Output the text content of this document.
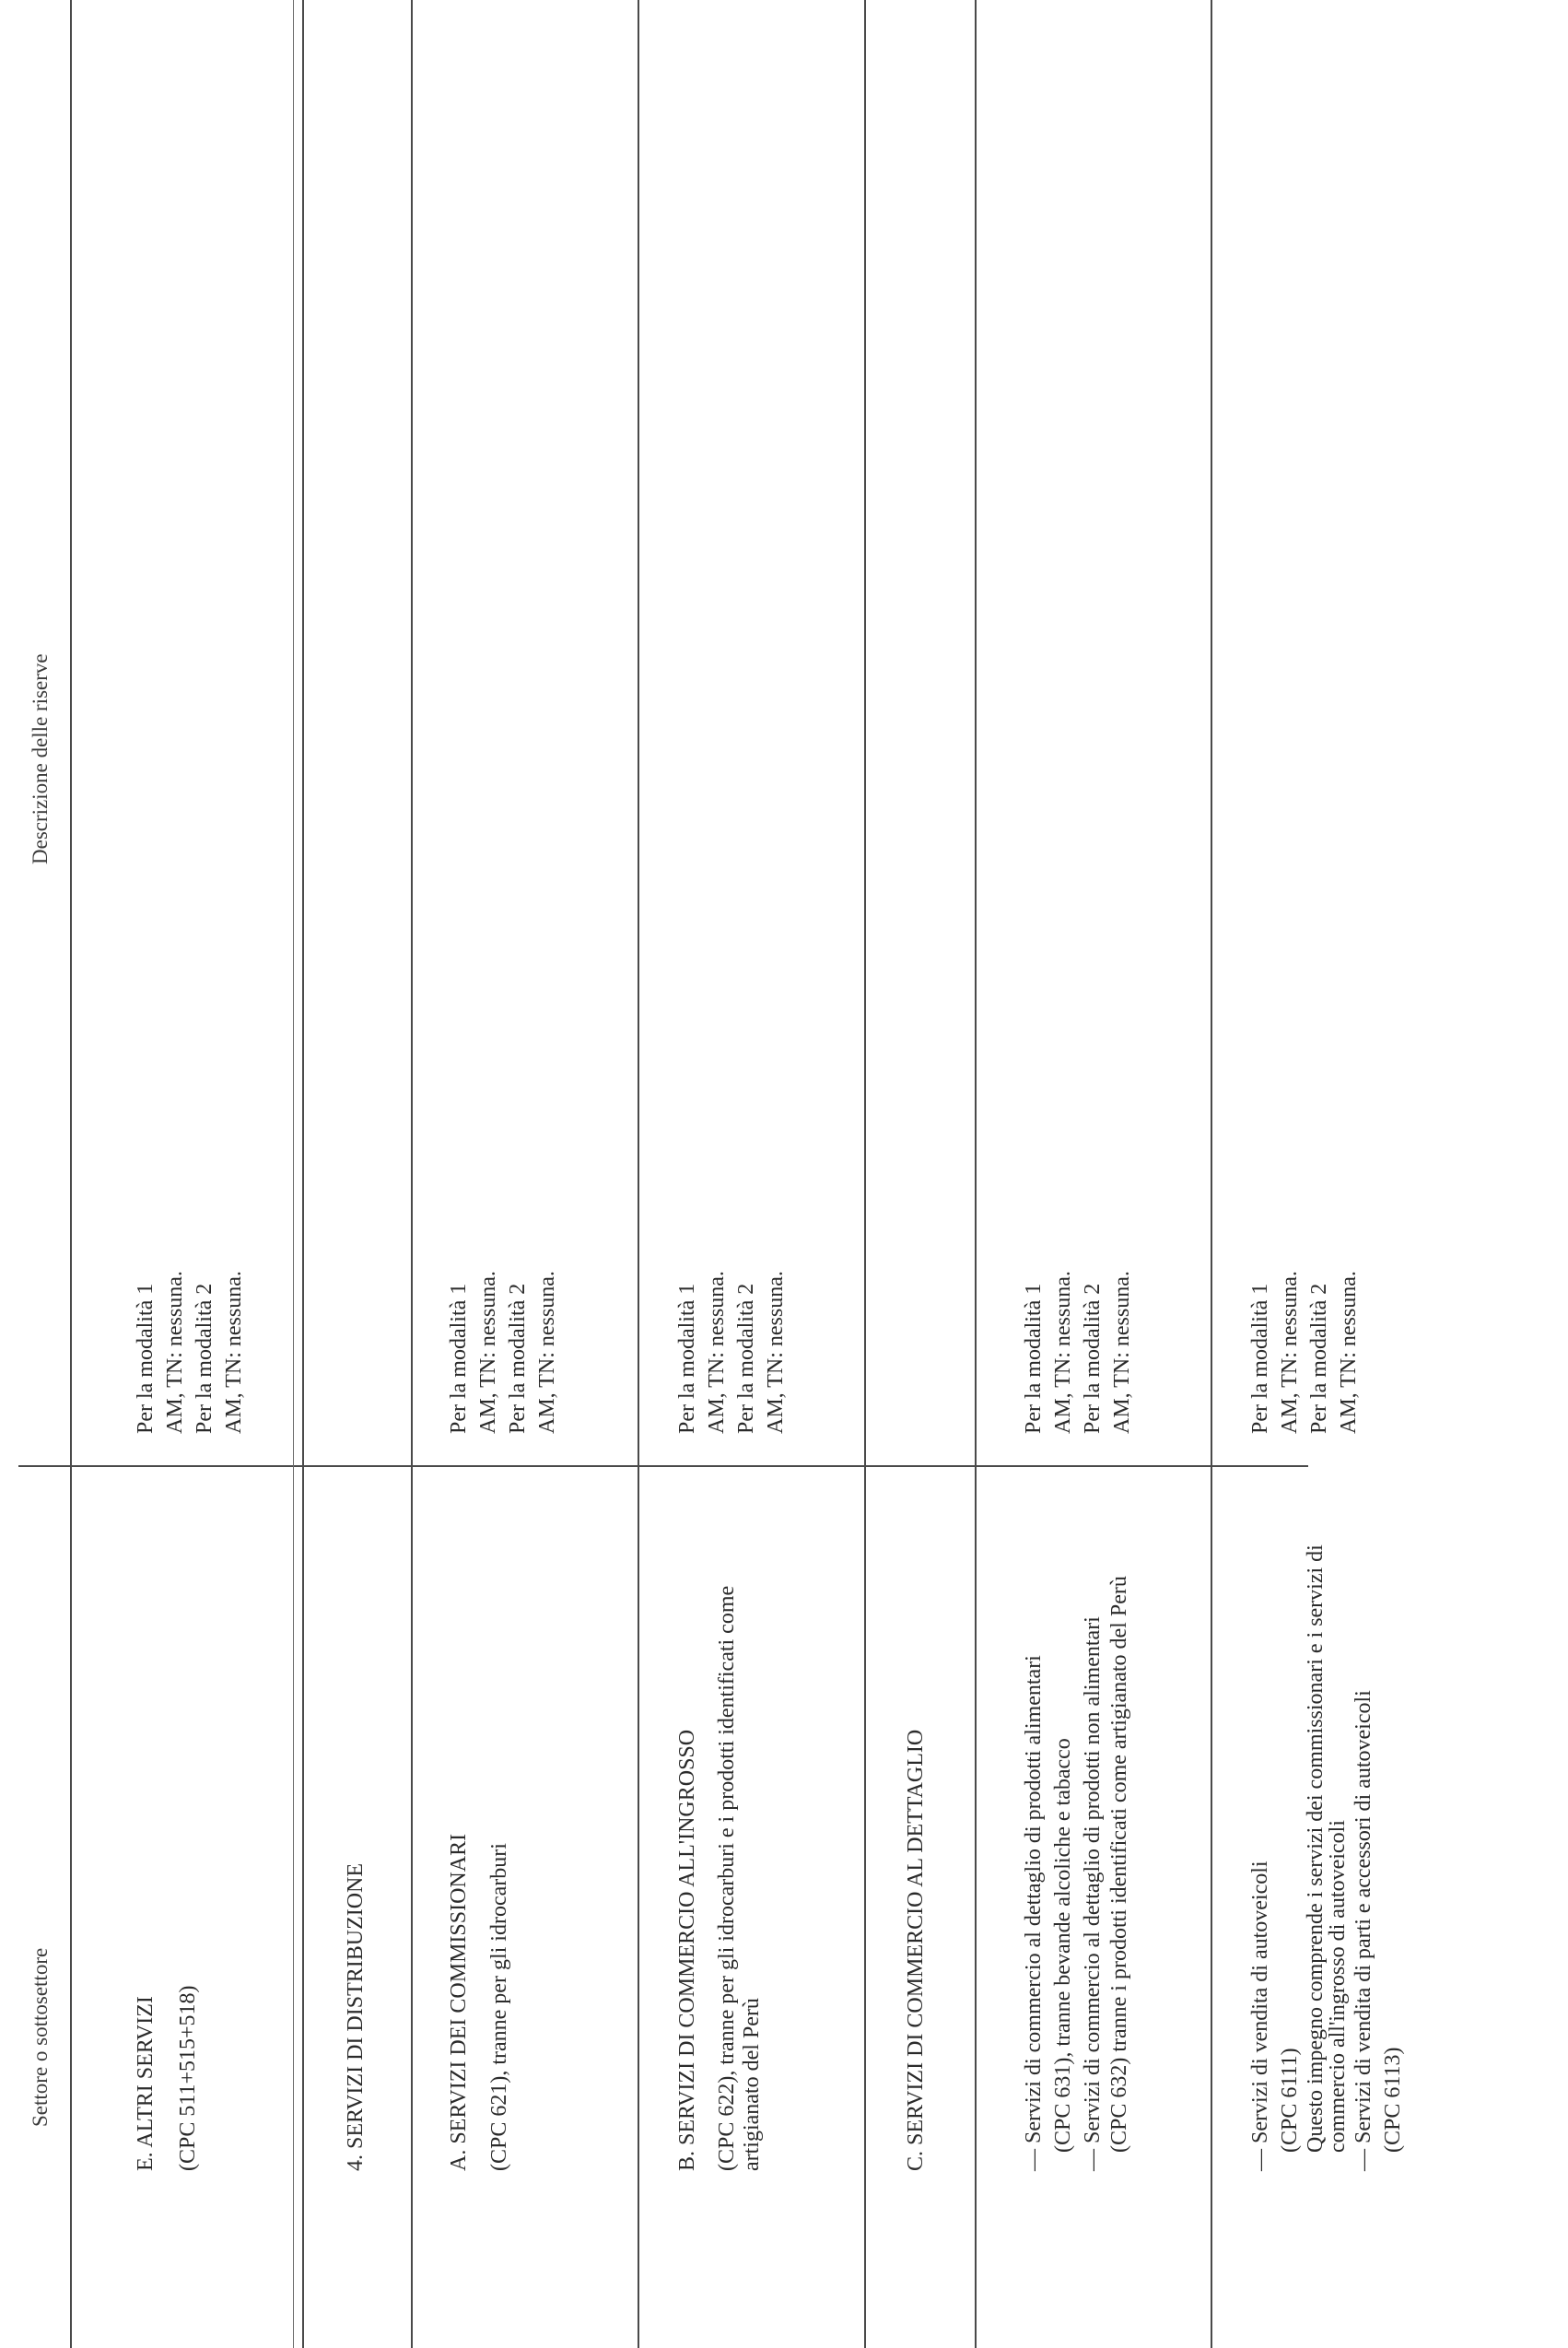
Settore o sottosettore
Descrizione delle riserve
E. ALTRI SERVIZI (CPC 511+515+518)
Per la modalità 1 AM, TN: nessuna. Per la modalità 2 AM, TN: nessuna.
4. SERVIZI DI DISTRIBUZIONE	A. SERVIZI DEI COMMISSIONARI (CPC 621), tranne per gli idrocarburi
Per la modalità 1 AM, TN: nessuna. Per la modalità 2 AM, TN: nessuna.
B. SERVIZI DI COMMERCIO ALL'INGROSSO (CPC 622), tranne per gli idrocarburi e i prodotti identificati come artigianato del Perù
Per la modalità 1 AM, TN: nessuna. Per la modalità 2 AM, TN: nessuna.
C. SERVIZI DI COMMERCIO AL DETTAGLIO	— Servizi di commercio al dettaglio di prodotti alimentari (CPC 631), tranne bevande alcoliche e tabacco — Servizi di commercio al dettaglio di prodotti non alimentari (CPC 632) tranne i prodotti identificati come artigianato del Perù
Per la modalità 1 AM, TN: nessuna. Per la modalità 2 AM, TN: nessuna.
— Servizi di vendita di autoveicoli (CPC 6111) Questo impegno comprende i servizi dei commissionari e i servizi di commercio all'ingrosso di autoveicoli — Servizi di vendita di parti e accessori di autoveicoli (CPC 6113)
Per la modalità 1 AM, TN: nessuna. Per la modalità 2 AM, TN: nessuna.
